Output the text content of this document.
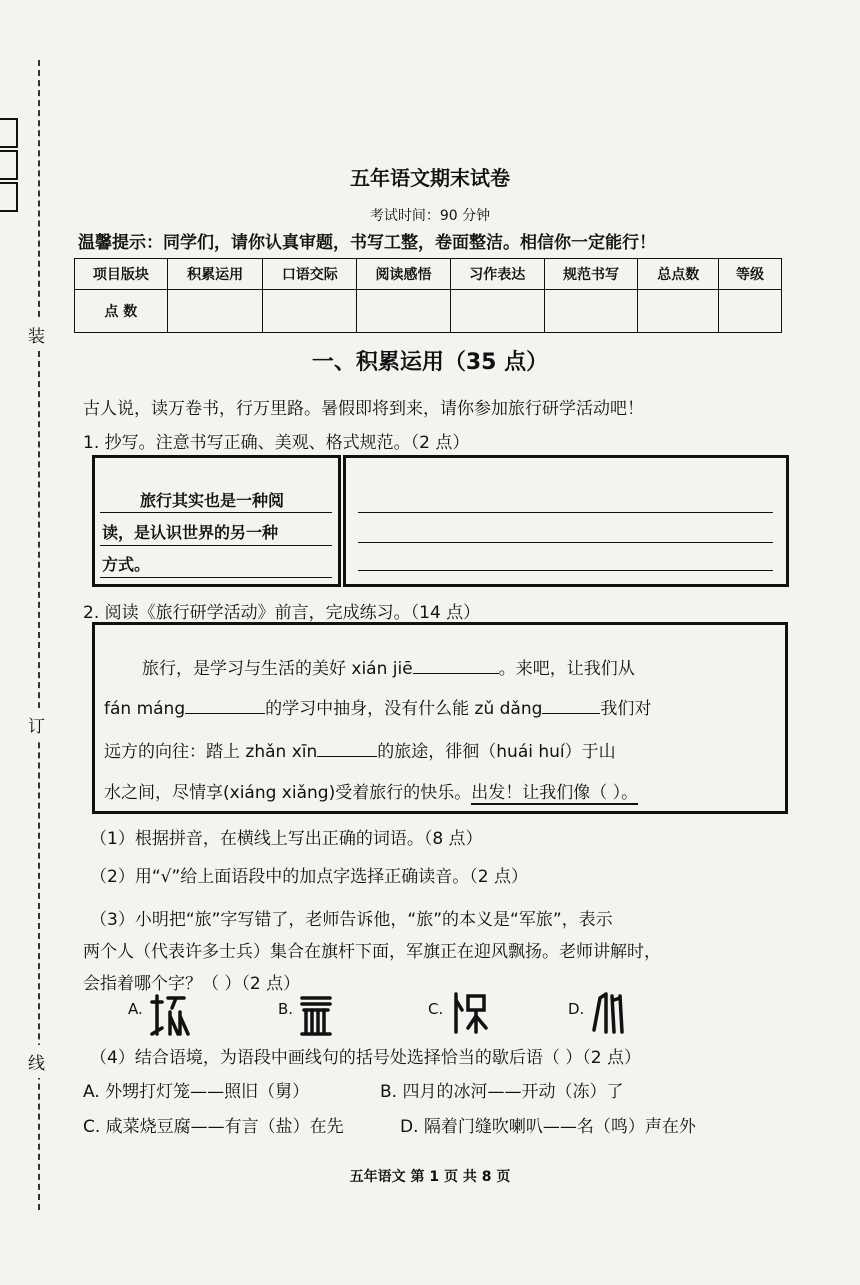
装
订
线
五年语文期末试卷
考试时间：90 分钟
温馨提示：同学们，请你认真审题，书写工整，卷面整洁。相信你一定能行！
项目版块	积累运用	口语交际	阅读感悟	习作表达	规范书写	总点数	等级
点 数							
一、积累运用（35 点）
古人说，读万卷书，行万里路。暑假即将到来，请你参加旅行研学活动吧！
1. 抄写。注意书写正确、美观、格式规范。（2 点）
旅行其实也是一种阅
读，是认识世界的另一种
方式。
2. 阅读《旅行研学活动》前言，完成练习。（14 点）
旅行，是学习与生活的美好 xián jiē	。来吧，让我们从
fán máng	的学习中抽身，没有什么能 zǔ dǎng	我们对
远方的向往：踏上 zhǎn xīn	的旅途，徘徊（huái huí）于山
水之间，尽情享(xiáng xiǎng)受着旅行的快乐。出发！让我们像（ ）。
（1）根据拼音，在横线上写出正确的词语。（8 点）
（2）用“√”给上面语段中的加点字选择正确读音。（2 点）
（3）小明把“旅”字写错了，老师告诉他，“旅”的本义是“军旅”，表示
两个人（代表许多士兵）集合在旗杆下面，军旗正在迎风飘扬。老师讲解时，
会指着哪个字？（ ）（2 点）
A.	B.	C.	D.
（4）结合语境，为语段中画线句的括号处选择恰当的歇后语（ ）（2 点）
A. 外甥打灯笼——照旧（舅）	B. 四月的冰河——开动（冻）了
C. 咸菜烧豆腐——有言（盐）在先	D. 隔着门缝吹喇叭——名（鸣）声在外
五年语文 第 1 页 共 8 页
